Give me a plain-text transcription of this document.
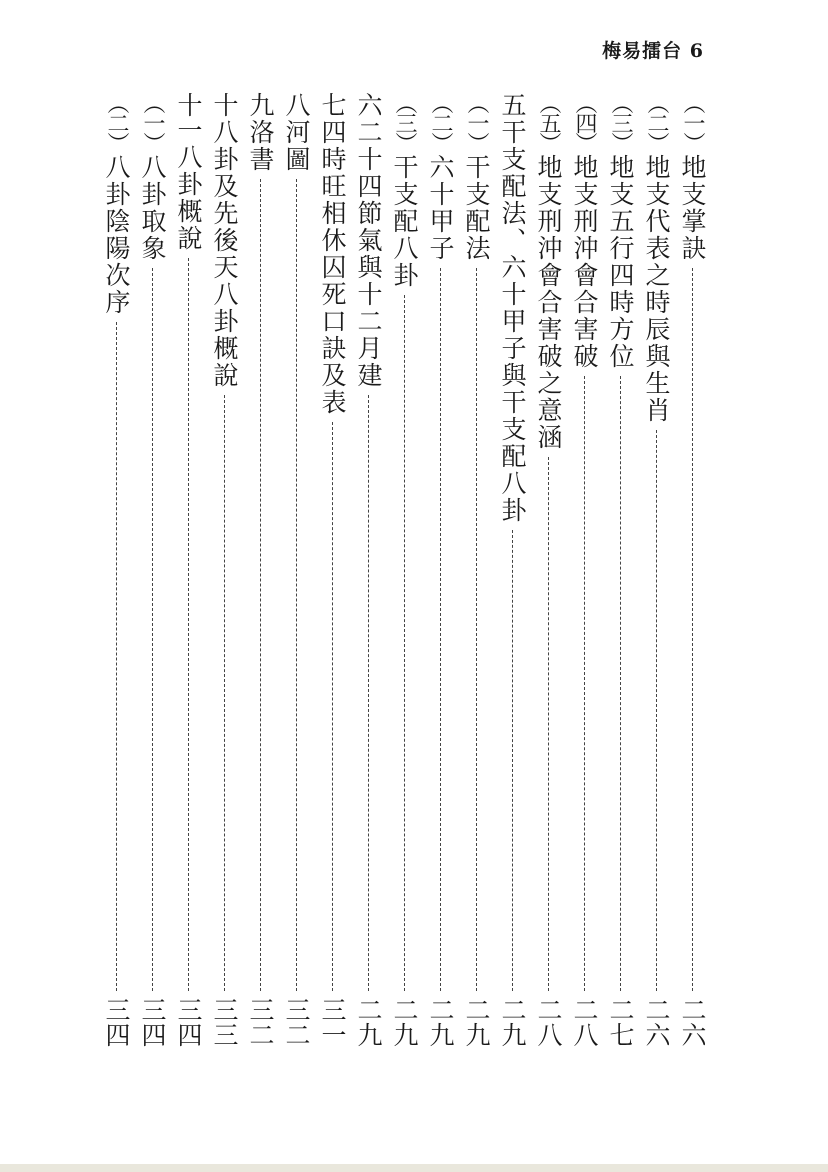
梅易擂台 6
（一）
地支掌訣
二六
（二）
地支代表之時辰與生肖
二六
（三）
地支五行四時方位
二七
（四）
地支刑沖會合害破
二八
（五）
地支刑沖會合害破之意涵
二八
五
干支配法、六十甲子與干支配八卦
二九
（一）
干支配法
二九
（二）
六十甲子
二九
（三）
干支配八卦
二九
六
二十四節氣與十二月建
二九
七
四時旺相休囚死口訣及表
三一
八
河圖
三二
九
洛書
三二
十
八卦及先後天八卦概說
三三
十一
八卦概說
三四
（一）
八卦取象
三四
（二）
八卦陰陽次序
三四
